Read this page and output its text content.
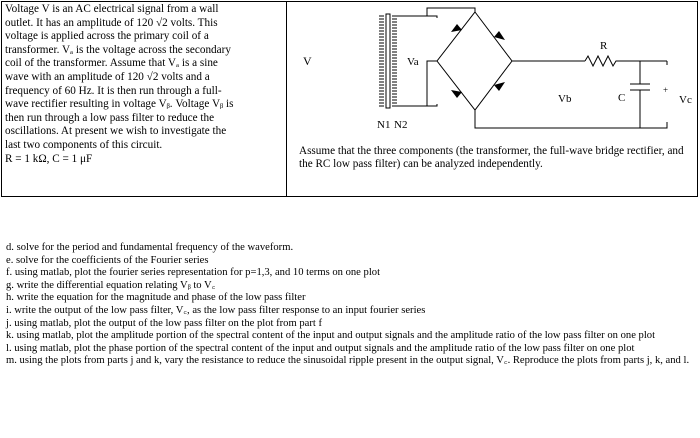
Voltage V is an AC electrical signal from a wall

outlet. It has an amplitude of 120 √2 volts. This

voltage is applied across the primary coil of a

transformer. Vₐ is the voltage across the secondary

coil of the transformer. Assume that Vₐ is a sine

wave with an amplitude of 120 √2 volts and a

frequency of 60 Hz. It is then run through a full-

wave rectifier resulting in voltage Vᵦ. Voltage Vᵦ is

then run through a low pass filter to reduce the

oscillations. At present we wish to investigate the

last two components of this circuit.

R = 1 kΩ, C = 1 μF

+
V	Va
N1 N2
Vb
R
C	Vc

Assume that the three components (the transformer, the full-wave bridge rectifier, and the RC low pass filter) can be analyzed independently.

d. solve for the period and fundamental frequency of the waveform.
e. solve for the coefficients of the Fourier series
f. using matlab, plot the fourier series representation for p=1,3, and 10 terms on one plot
g. write the differential equation relating Vᵦ to V꜀
h. write the equation for the magnitude and phase of the low pass filter
i. write the output of the low pass filter, V꜀, as the low pass filter response to an input fourier series
j. using matlab, plot the output of the low pass filter on the plot from part f
k. using matlab, plot the amplitude portion of the spectral content of the input and output signals and the amplitude ratio of the low pass filter on one plot
l. using matlab, plot the phase portion of the spectral content of the input and output signals and the amplitude ratio of the low pass filter on one plot
m. using the plots from parts j and k, vary the resistance to reduce the sinusoidal ripple present in the output signal, V꜀. Reproduce the plots from parts j, k, and l.
